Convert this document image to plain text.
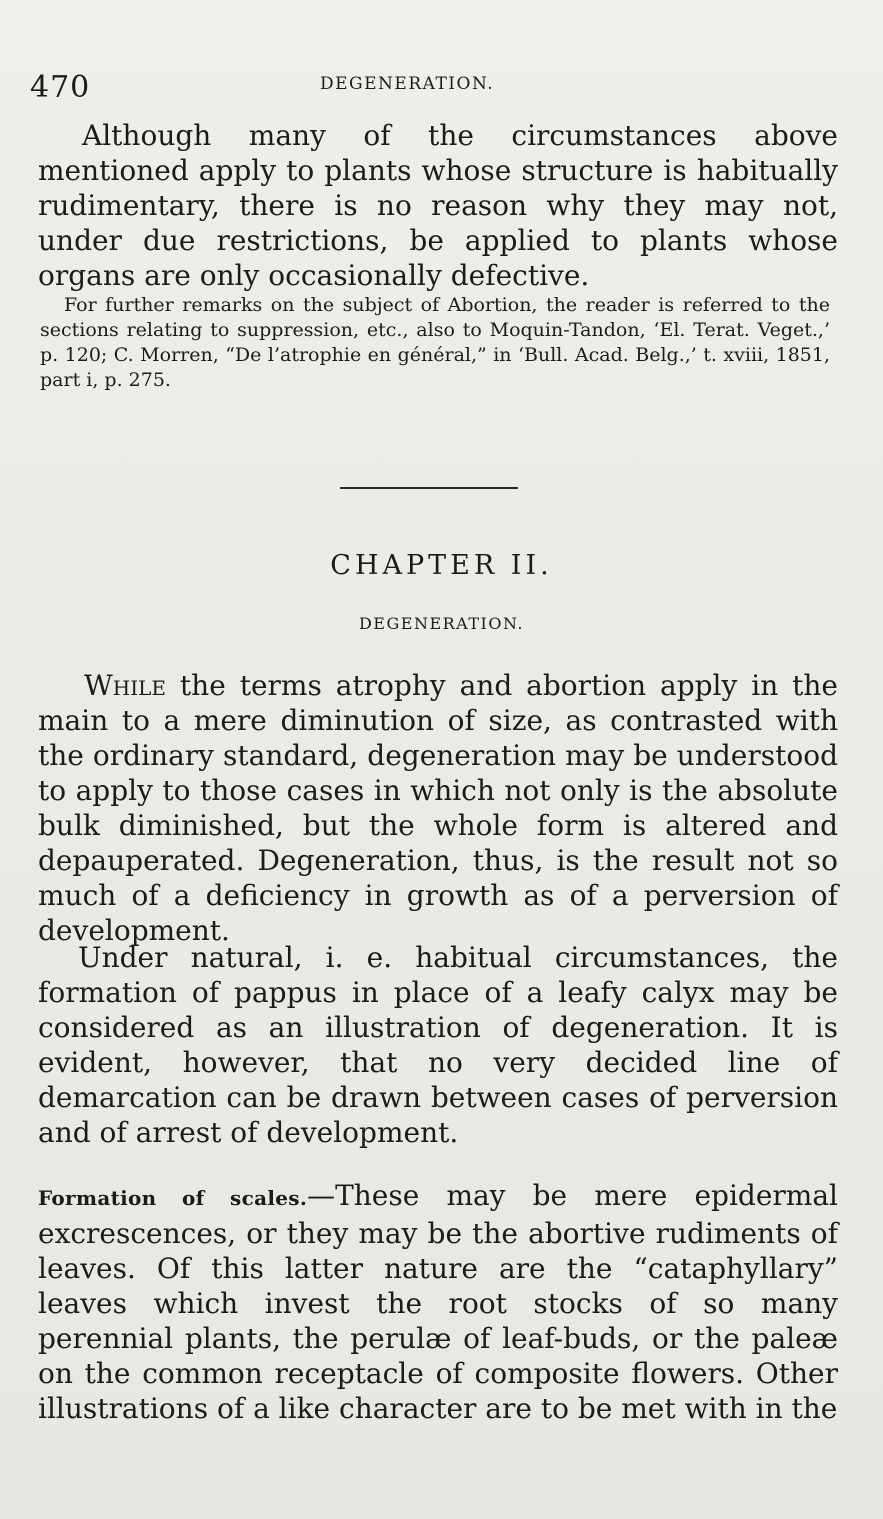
470	DEGENERATION.

Although many of the circumstances above mentioned apply to plants whose structure is habitually rudimentary, there is no reason why they may not, under due restrictions, be applied to plants whose organs are only occasionally defective.

For further remarks on the subject of Abortion, the reader is referred to the sections relating to suppression, etc., also to Moquin-Tandon, ‘El. Terat. Veget.,’ p. 120; C. Morren, “De l’atrophie en général,” in ‘Bull. Acad. Belg.,’ t. xviii, 1851, part i, p. 275.

CHAPTER II.
DEGENERATION.

While the terms atrophy and abortion apply in the main to a mere diminution of size, as contrasted with the ordinary standard, degeneration may be understood to apply to those cases in which not only is the absolute bulk diminished, but the whole form is altered and depauperated. Degeneration, thus, is the result not so much of a deficiency in growth as of a perversion of development.

Under natural, i. e. habitual circumstances, the formation of pappus in place of a leafy calyx may be considered as an illustration of degeneration. It is evident, however, that no very decided line of demarcation can be drawn between cases of perversion and of arrest of development.

Formation of scales.—These may be mere epidermal excrescences, or they may be the abortive rudiments of leaves. Of this latter nature are the “cataphyllary” leaves which invest the root stocks of so many perennial plants, the perulæ of leaf-buds, or the paleæ on the common receptacle of composite flowers. Other illustrations of a like character are to be met with in the
